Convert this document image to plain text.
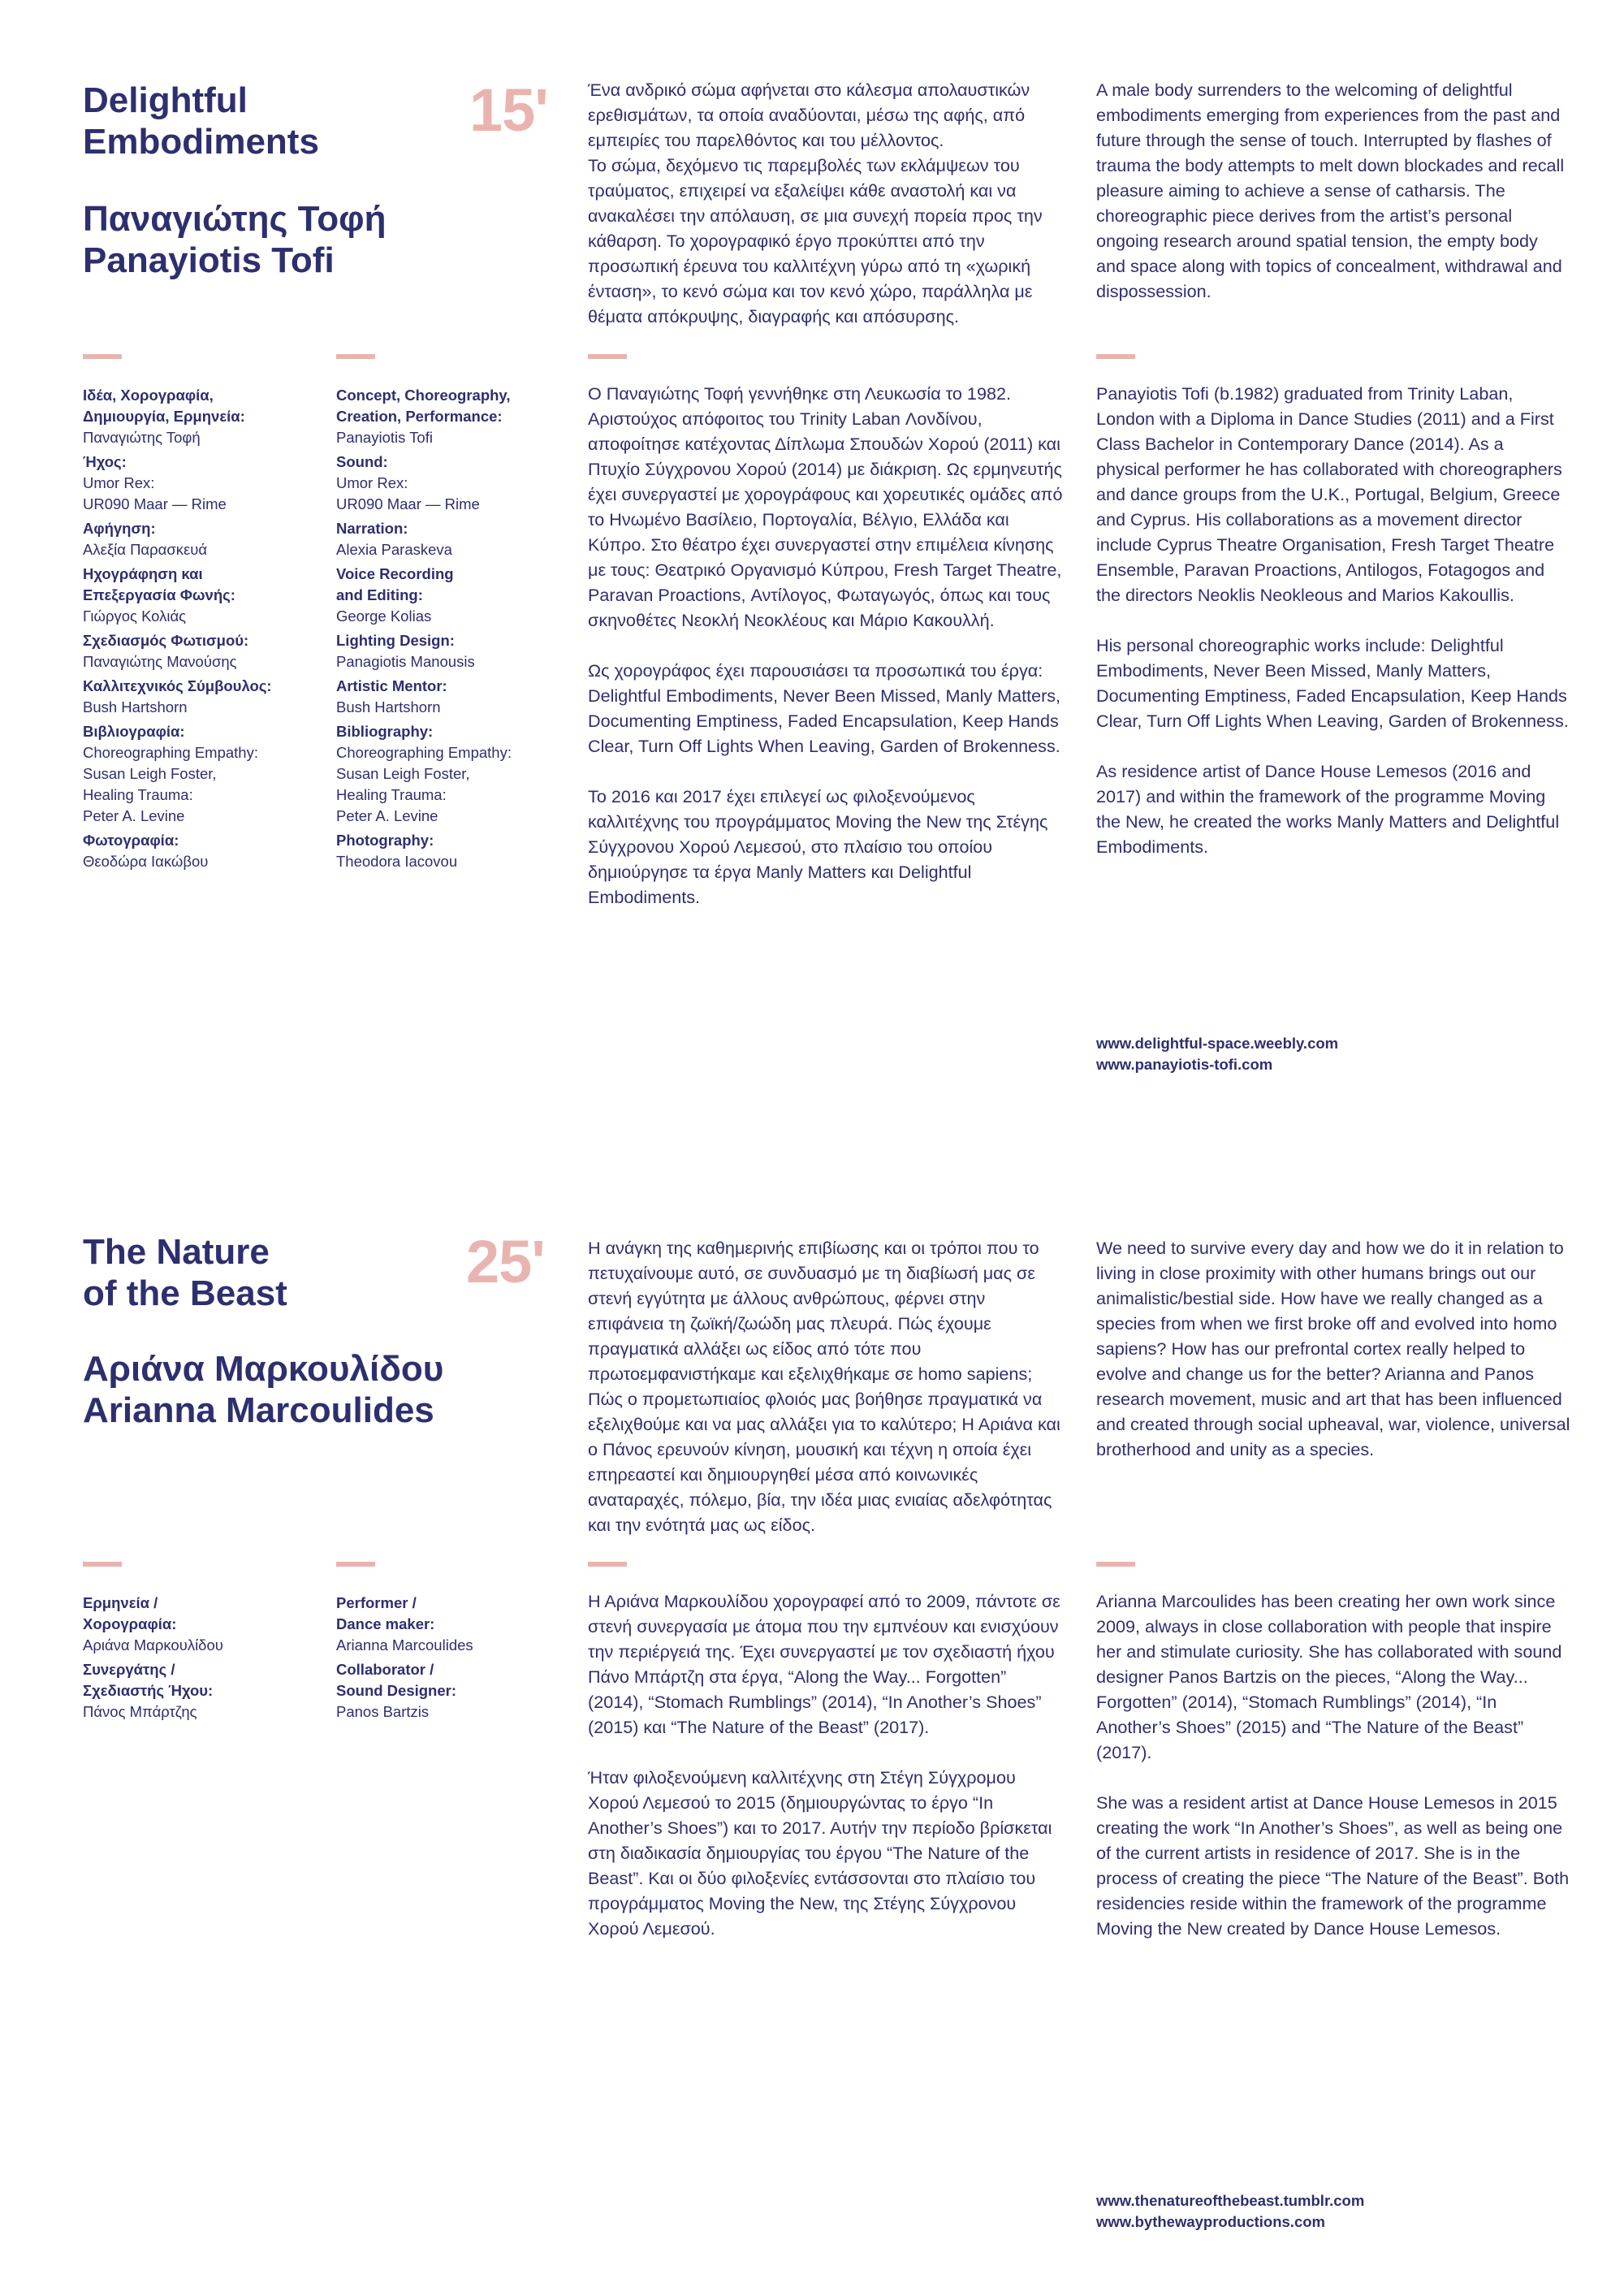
Delightful
Embodiments
Παναγιώτης Τοφή
Panayiotis Tofi
15' Ένα ανδρικό σώμα αφήνεται στο κάλεσμα απολαυστικών ερεθισμάτων, τα οποία αναδύονται, μέσω της αφής, από εμπειρίες του παρελθόντος και του μέλλοντος.
Το σώμα, δεχόμενο τις παρεμβολές των εκλάμψεων του τραύματος, επιχειρεί να εξαλείψει κάθε αναστολή και να ανακαλέσει την απόλαυση, σε μια συνεχή πορεία προς την κάθαρση. Το χορογραφικό έργο προκύπτει από την προσωπική έρευνα του καλλιτέχνη γύρω από τη «χωρική ένταση», το κενό σώμα και τον κενό χώρο, παράλληλα με θέματα απόκρυψης, διαγραφής και απόσυρσης.

A male body surrenders to the welcoming of delightful embodiments emerging from experiences from the past and future through the sense of touch. Interrupted by flashes of trauma the body attempts to melt down blockades and recall pleasure aiming to achieve a sense of catharsis. The choreographic piece derives from the artist’s personal ongoing research around spatial tension, the empty body and space along with topics of concealment, withdrawal and dispossession.

Ιδέα, Χορογραφία,
Δημιουργία, Ερμηνεία:
Παναγιώτης Τοφή
Ήχος:
Umor Rex:
UR090 Maar — Rime
Αφήγηση:
Αλεξία Παρασκευά
Ηχογράφηση και
Επεξεργασία Φωνής:
Γιώργος Κολιάς
Σχεδιασμός Φωτισμού:
Παναγιώτης Μανούσης
Καλλιτεχνικός Σύμβουλος:
Bush Hartshorn
Βιβλιογραφία:
Choreographing Empathy:
Susan Leigh Foster,
Healing Trauma:
Peter A. Levine
Φωτογραφία:
Θεοδώρα Ιακώβου
Concept, Choreography,
Creation, Performance:
Panayiotis Tofi
Sound:
Umor Rex:
UR090 Maar — Rime
Narration:
Alexia Paraskeva
Voice Recording
and Editing:
George Kolias
Lighting Design:
Panagiotis Manousis
Artistic Mentor:
Bush Hartshorn
Bibliography:
Choreographing Empathy:
Susan Leigh Foster,
Healing Trauma:
Peter A. Levine
Photography:
Theodora Iacovou

Ο Παναγιώτης Τοφή γεννήθηκε στη Λευκωσία το 1982. Αριστούχος απόφοιτος του Trinity Laban Λονδίνου, αποφοίτησε κατέχοντας Δίπλωμα Σπουδών Χορού (2011) και Πτυχίο Σύγχρονου Χορού (2014) με διάκριση. Ως ερμηνευτής έχει συνεργαστεί με χορογράφους και χορευτικές ομάδες από το Ηνωμένο Βασίλειο, Πορτογαλία, Βέλγιο, Ελλάδα και Κύπρο. Στο θέατρο έχει συνεργαστεί στην επιμέλεια κίνησης με τους: Θεατρικό Οργανισμό Κύπρου, Fresh Target Theatre, Paravan Proactions, Αντίλογος, Φωταγωγός, όπως και τους σκηνοθέτες Νεοκλή Νεοκλέους και Μάριο Κακουλλή.

Ως χορογράφος έχει παρουσιάσει τα προσωπικά του έργα: Delightful Embodiments, Never Been Missed, Manly Matters, Documenting Emptiness, Faded Encapsulation, Keep Hands Clear, Turn Off Lights When Leaving, Garden of Brokenness.

Το 2016 και 2017 έχει επιλεγεί ως φιλοξενούμενος καλλιτέχνης του προγράμματος Moving the New της Στέγης Σύγχρονου Χορού Λεμεσού, στο πλαίσιο του οποίου δημιούργησε τα έργα Manly Matters και Delightful Embodiments.

Panayiotis Tofi (b.1982) graduated from Trinity Laban, London with a Diploma in Dance Studies (2011) and a First Class Bachelor in Contemporary Dance (2014). As a physical performer he has collaborated with choreographers and dance groups from the U.K., Portugal, Belgium, Greece and Cyprus. His collaborations as a movement director include Cyprus Theatre Organisation, Fresh Target Theatre Ensemble, Paravan Proactions, Antilogos, Fotagogos and the directors Neoklis Neokleous and Marios Kakoullis.

His personal choreographic works include: Delightful Embodiments, Never Been Missed, Manly Matters, Documenting Emptiness, Faded Encapsulation, Keep Hands Clear, Turn Off Lights When Leaving, Garden of Brokenness.

As residence artist of Dance House Lemesos (2016 and 2017) and within the framework of the programme Moving the New, he created the works Manly Matters and Delightful Embodiments.

www.delightful-space.weebly.com
www.panayiotis-tofi.com
The Nature
of the Beast
Αριάνα Μαρκουλίδου
Arianna Marcoulides
25' Η ανάγκη της καθημερινής επιβίωσης και οι τρόποι που το πετυχαίνουμε αυτό, σε συνδυασμό με τη διαβίωσή μας σε στενή εγγύτητα με άλλους ανθρώπους, φέρνει στην επιφάνεια τη ζωϊκή/ζωώδη μας πλευρά. Πώς έχουμε πραγματικά αλλάξει ως είδος από τότε που πρωτοεμφανιστήκαμε και εξελιχθήκαμε σε homo sapiens; Πώς ο προμετωπιαίος φλοιός μας βοήθησε πραγματικά να εξελιχθούμε και να μας αλλάξει για το καλύτερο; Η Αριάνα και ο Πάνος ερευνούν κίνηση, μουσική και τέχνη η οποία έχει επηρεαστεί και δημιουργηθεί μέσα από κοινωνικές αναταραχές, πόλεμο, βία, την ιδέα μιας ενιαίας αδελφότητας και την ενότητά μας ως είδος.

We need to survive every day and how we do it in relation to living in close proximity with other humans brings out our animalistic/bestial side. How have we really changed as a species from when we first broke off and evolved into homo sapiens? How has our prefrontal cortex really helped to evolve and change us for the better? Arianna and Panos research movement, music and art that has been influenced and created through social upheaval, war, violence, universal brotherhood and unity as a species.

Ερμηνεία /
Χορογραφία:
Αριάνα Μαρκουλίδου
Συνεργάτης /
Σχεδιαστής Ήχου:
Πάνος Μπάρτζης
Performer /
Dance maker:
Arianna Marcoulides
Collaborator /
Sound Designer:
Panos Bartzis

Η Αριάνα Μαρκουλίδου χορογραφεί από το 2009, πάντοτε σε στενή συνεργασία με άτομα που την εμπνέουν και ενισχύουν την περιέργειά της. Έχει συνεργαστεί με τον σχεδιαστή ήχου Πάνο Μπάρτζη στα έργα, “Along the Way... Forgotten” (2014), “Stomach Rumblings” (2014), “In Another’s Shoes” (2015) και “The Nature of the Beast” (2017).

Ήταν φιλοξενούμενη καλλιτέχνης στη Στέγη Σύγχρομου Χορού Λεμεσού το 2015 (δημιουργώντας το έργο “In Another’s Shoes”) και το 2017. Αυτήν την περίοδο βρίσκεται στη διαδικασία δημιουργίας του έργου “The Nature of the Beast”. Και οι δύο φιλοξενίες εντάσσονται στο πλαίσιο του προγράμματος Moving the New, της Στέγης Σύγχρονου Χορού Λεμεσού.

Arianna Marcoulides has been creating her own work since 2009, always in close collaboration with people that inspire her and stimulate curiosity. She has collaborated with sound designer Panos Bartzis on the pieces, “Along the Way... Forgotten” (2014), “Stomach Rumblings” (2014), “In Another’s Shoes” (2015) and “The Nature of the Beast” (2017).

She was a resident artist at Dance House Lemesos in 2015 creating the work “In Another’s Shoes”, as well as being one of the current artists in residence of 2017. She is in the process of creating the piece “The Nature of the Beast”. Both residencies reside within the framework of the programme Moving the New created by Dance House Lemesos.

www.thenatureofthebeast.tumblr.com
www.bythewayproductions.com
